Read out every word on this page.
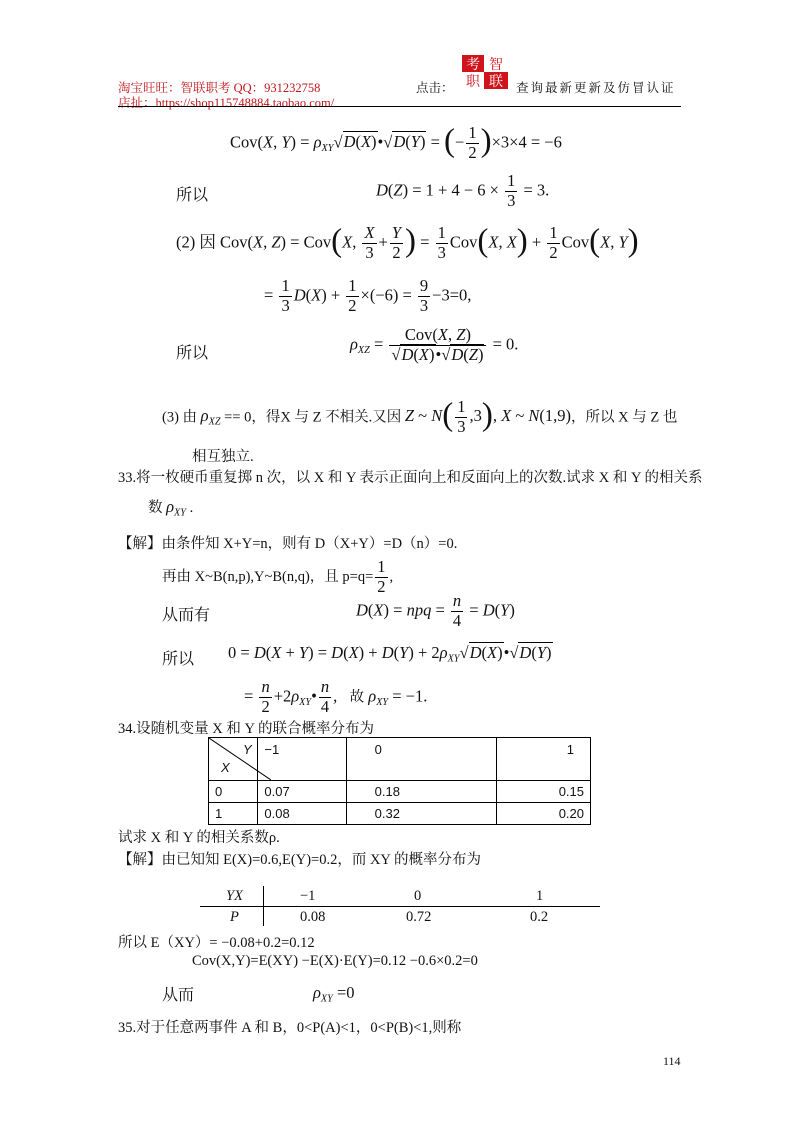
淘宝旺旺：智联职考 QQ：931232758	点击：
考 智
职 联 查询最新更新及仿冒认证
店扯：https://shop115748884.taobao.com/
Cov(X, $Y) = \rho_{XY}√D(X)•√D(Y)$ = (− $\frac{1}{2} )\times 3\times 4 = -6$
所以	$D(Z) = 1 + 4 - 6 \times \frac{1}{3} = 3$.
(2) 因 Cov(X, Z) = Cov(X, $\frac{X}{3} + \frac{Y}{2}$ ) = $\frac{1}{3} Cov(X$, $X) + \frac{1}{2} Cov(X$, Y)
= $\frac{1}{3} D(X) + \frac{1}{2} \times(-6) = \frac{9}{3} -3=0$,
所以
$\rho_{XZ} = \frac{\text{Cov(X, Z)}}{√D(X)•√D(Z)} = 0$.
(3) 由 $\rho_{XZ} == 0$，得X 与 Z 不相关.又因 Z ~ $N( \frac{1}{3} ,3)$, X ~ N(1,9)，所以 X 与 Z 也
相互独立.
33.将一枚硬币重复掷 n 次，以 X 和 Y 表示正面向上和反面向上的次数.试求 X 和 Y 的相关系
数 $\rho_{XY}$ .
【解】由条件知 X+Y=n，则有 D（X+Y）=D（n）=0.
再由 X~B(n,p),Y~B(n,q)，且 $p=q= \frac{1}{2}$ ,
从而有	D(X) = npq = $\frac{n}{4} = D(Y)$
所以 $0 = D(X + Y) = D(X) + D(Y) + 2\rho_{XY}√D(X)•√D(Y)$
= $\frac{n}{2}$ $+2\rho_{XY}• \frac{n}{4}$ ,   故 $\rho_{XY} = -1$.
34.设随机变量 X 和 Y 的联合概率分布为
Y
X	−1	0	1
0	0.07	0.18	0.15
1	0.08	0.32	0.20
试求 X 和 Y 的相关系数ρ.
【解】由已知知 E(X)=0.6,E(Y)=0.2，而 XY 的概率分布为
YX	−1	0	1
P	0.08	0.72	0.2
所以 E（XY）= −0.08+0.2=0.12
Cov(X,Y)=E(XY) −E(X)·E(Y)=0.12 −0.6×0.2=0
从而	$\rho_{XY} =0$
35.对于任意两事件 A 和 B，0<P(A)<1，0<P(B)<1,则称
114
